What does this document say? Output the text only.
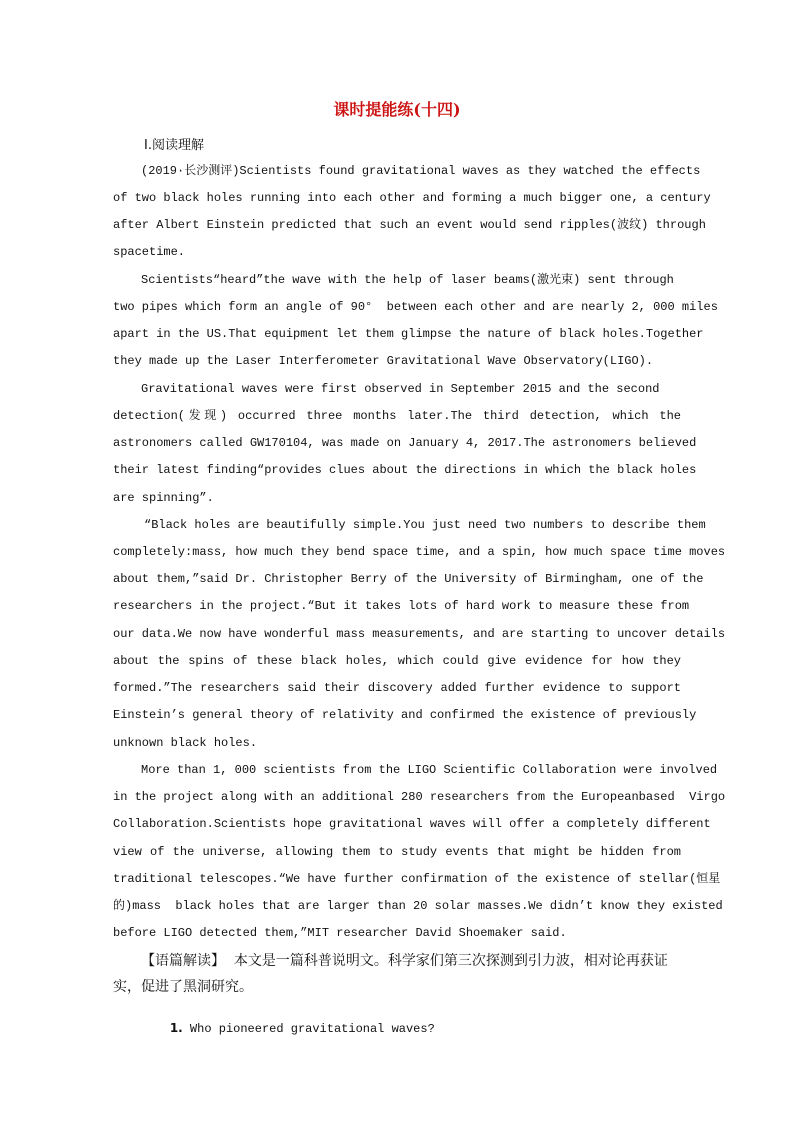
课时提能练(十四)
Ⅰ.阅读理解
(2019·长沙测评)Scientists found gravitational waves as they watched the effects
of two black holes running into each other and forming a much bigger one, a century
after Albert Einstein predicted that such an event would send ripples(波纹) through
spacetime.
Scientists“heard”the wave with the help of laser beams(激光束) sent through
two pipes which form an angle of 90°  between each other and are nearly 2, 000 miles
apart in the US.That equipment let them glimpse the nature of black holes.Together
they made up the Laser Interferometer Gravitational Wave Observatory(LIGO).
Gravitational waves were first observed in September 2015 and the second
detection(发现) occurred three months later.The third detection, which the
astronomers called GW170104, was made on January 4, 2017.The astronomers believed
their latest finding“provides clues about the directions in which the black holes
are spinning”.
“Black holes are beautifully simple.You just need two numbers to describe them
completely:mass, how much they bend space time, and a spin, how much space time moves
about them,”said Dr. Christopher Berry of the University of Birmingham, one of the
researchers in the project.“But it takes lots of hard work to measure these from
our data.We now have wonderful mass measurements, and are starting to uncover details
about the spins of these black holes, which could give evidence for how they
formed.”The researchers said their discovery added further evidence to support
Einstein’s general theory of relativity and confirmed the existence of previously
unknown black holes.
More than 1, 000 scientists from the LIGO Scientific Collaboration were involved
in the project along with an additional 280 researchers from the Europeanbased  Virgo
Collaboration.Scientists hope gravitational waves will offer a completely different
view of the universe, allowing them to study events that might be hidden from
traditional telescopes.“We have further confirmation of the existence of stellar(恒星
的)mass  black holes that are larger than 20 solar masses.We didn’t know they existed
before LIGO detected them,”MIT researcher David Shoemaker said.
【语篇解读】  本文是一篇科普说明文。科学家们第三次探测到引力波，相对论再获证
实，促进了黑洞研究。

1. Who pioneered gravitational waves?
